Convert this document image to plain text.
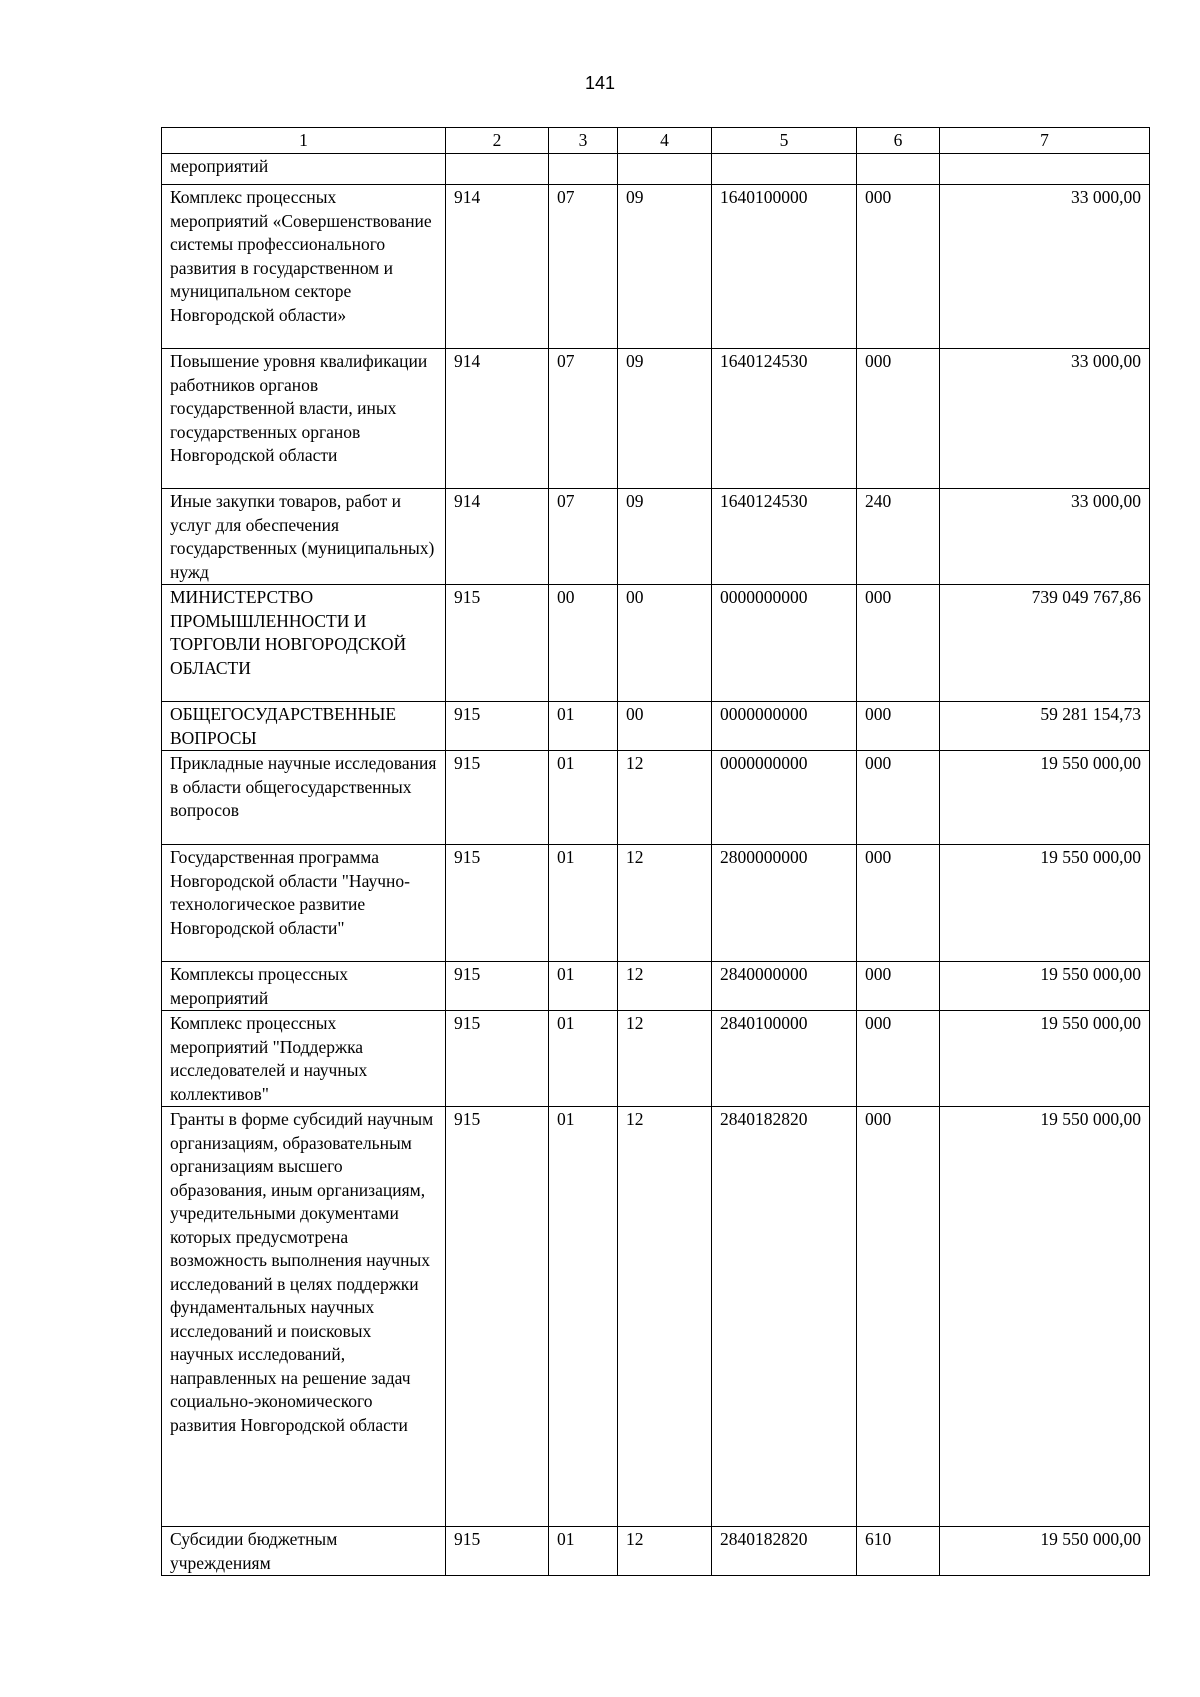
141
1	2	3	4	5	6	7
мероприятий						
Комплекс процессных мероприятий «Совершенствование системы профессионального развития в государственном и муниципальном секторе Новгородской области»	914	07	09	1640100000	000	33 000,00
Повышение уровня квалификации работников органов государственной власти, иных государственных органов Новгородской области	914	07	09	1640124530	000	33 000,00
Иные закупки товаров, работ и услуг для обеспечения государственных (муниципальных) нужд	914	07	09	1640124530	240	33 000,00
МИНИСТЕРСТВО ПРОМЫШЛЕННОСТИ И ТОРГОВЛИ НОВГОРОДСКОЙ ОБЛАСТИ	915	00	00	0000000000	000	739 049 767,86
ОБЩЕГОСУДАРСТВЕННЫЕ ВОПРОСЫ	915	01	00	0000000000	000	59 281 154,73
Прикладные научные исследования в области общегосударственных вопросов	915	01	12	0000000000	000	19 550 000,00
Государственная программа Новгородской области "Научно-технологическое развитие Новгородской области"	915	01	12	2800000000	000	19 550 000,00
Комплексы процессных мероприятий	915	01	12	2840000000	000	19 550 000,00
Комплекс процессных мероприятий "Поддержка исследователей и научных коллективов"	915	01	12	2840100000	000	19 550 000,00
Гранты в форме субсидий научным организациям, образовательным организациям высшего образования, иным организациям, учредительными документами которых предусмотрена возможность выполнения научных исследований в целях поддержки фундаментальных научных исследований и поисковых научных исследований, направленных на решение задач социально-экономического развития Новгородской области	915	01	12	2840182820	000	19 550 000,00
Субсидии бюджетным учреждениям	915	01	12	2840182820	610	19 550 000,00
